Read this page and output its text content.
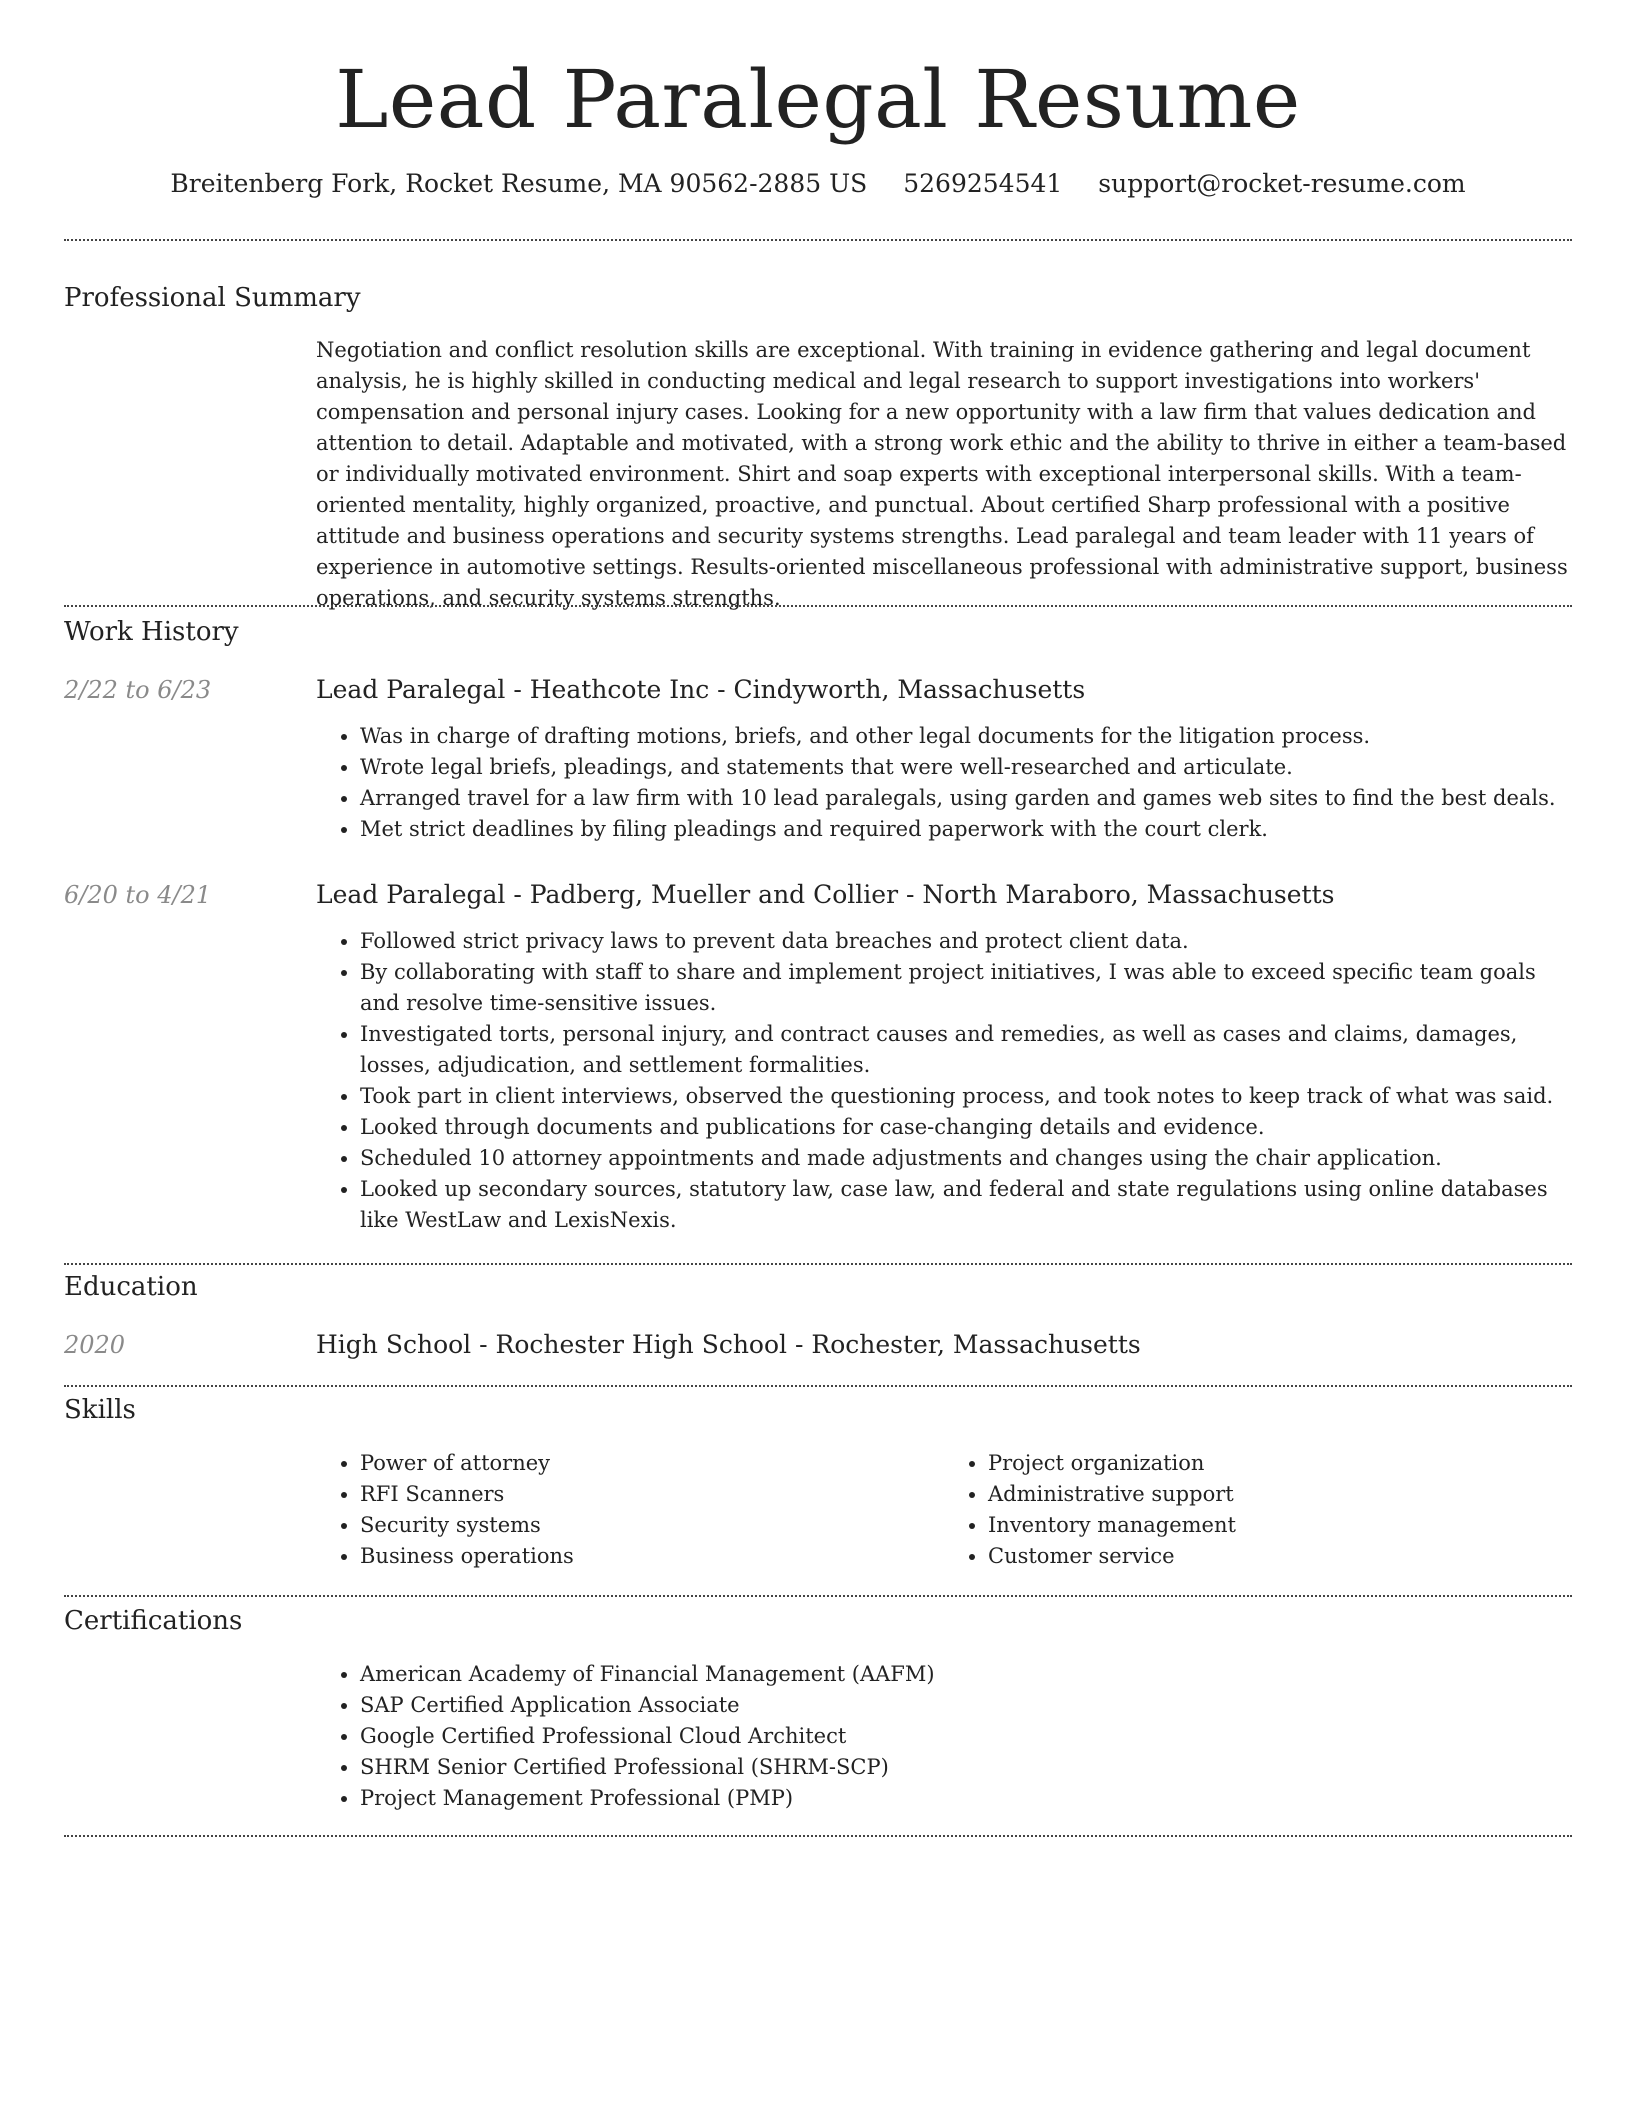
Lead Paralegal Resume
Breitenberg Fork, Rocket Resume, MA 90562-2885 US 5269254541 support@rocket-resume.com
Professional Summary

Negotiation and conflict resolution skills are exceptional. With training in evidence gathering and legal document analysis, he is highly skilled in conducting medical and legal research to support investigations into workers' compensation and personal injury cases. Looking for a new opportunity with a law firm that values dedication and attention to detail. Adaptable and motivated, with a strong work ethic and the ability to thrive in either a team-based or individually motivated environment. Shirt and soap experts with exceptional interpersonal skills. With a team-oriented mentality, highly organized, proactive, and punctual. About certified Sharp professional with a positive attitude and business operations and security systems strengths. Lead paralegal and team leader with 11 years of experience in automotive settings. Results-oriented miscellaneous professional with administrative support, business operations, and security systems strengths.

Work History
2/22 to 6/23	Lead Paralegal - Heathcote Inc - Cindyworth, Massachusetts
• Was in charge of drafting motions, briefs, and other legal documents for the litigation process.
• Wrote legal briefs, pleadings, and statements that were well-researched and articulate.
• Arranged travel for a law firm with 10 lead paralegals, using garden and games web sites to find the best deals.
• Met strict deadlines by filing pleadings and required paperwork with the court clerk.
6/20 to 4/21	Lead Paralegal - Padberg, Mueller and Collier - North Maraboro, Massachusetts
• Followed strict privacy laws to prevent data breaches and protect client data.
• By collaborating with staff to share and implement project initiatives, I was able to exceed specific team goals and resolve time-sensitive issues.
• Investigated torts, personal injury, and contract causes and remedies, as well as cases and claims, damages, losses, adjudication, and settlement formalities.
• Took part in client interviews, observed the questioning process, and took notes to keep track of what was said.
• Looked through documents and publications for case-changing details and evidence.
• Scheduled 10 attorney appointments and made adjustments and changes using the chair application.
• Looked up secondary sources, statutory law, case law, and federal and state regulations using online databases like WestLaw and LexisNexis.
Education
2020	High School - Rochester High School - Rochester, Massachusetts
Skills
• Power of attorney
• RFI Scanners
• Security systems
• Business operations
• Project organization
• Administrative support
• Inventory management
• Customer service
Certifications
• American Academy of Financial Management (AAFM)
• SAP Certified Application Associate
• Google Certified Professional Cloud Architect
• SHRM Senior Certified Professional (SHRM-SCP)
• Project Management Professional (PMP)
